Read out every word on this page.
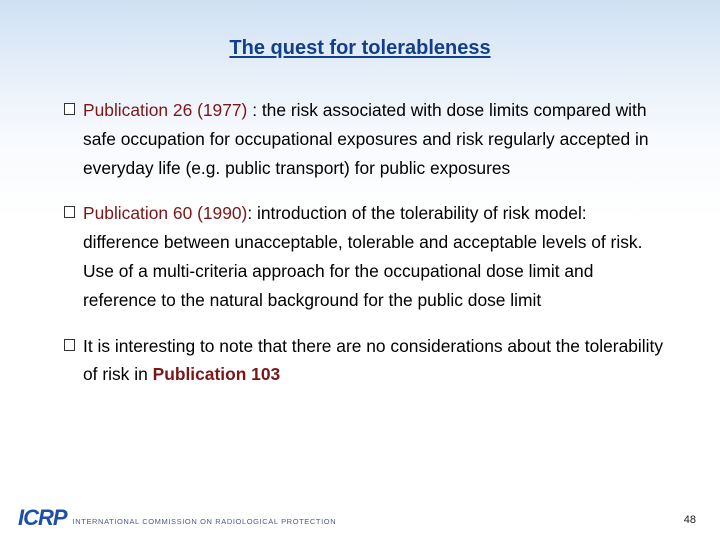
The quest for tolerableness
Publication 26 (1977) : the risk associated with dose limits compared with safe occupation for occupational exposures and risk regularly accepted in everyday life (e.g. public transport) for public exposures
Publication 60 (1990): introduction of the tolerability of risk model: difference between unacceptable, tolerable and acceptable levels of risk. Use of a multi-criteria approach for the occupational dose limit and reference to the natural background for the public dose limit
It is interesting to note that there are no considerations about the tolerability of risk in Publication 103
ICRP INTERNATIONAL COMMISSION ON RADIOLOGICAL PROTECTION	48
